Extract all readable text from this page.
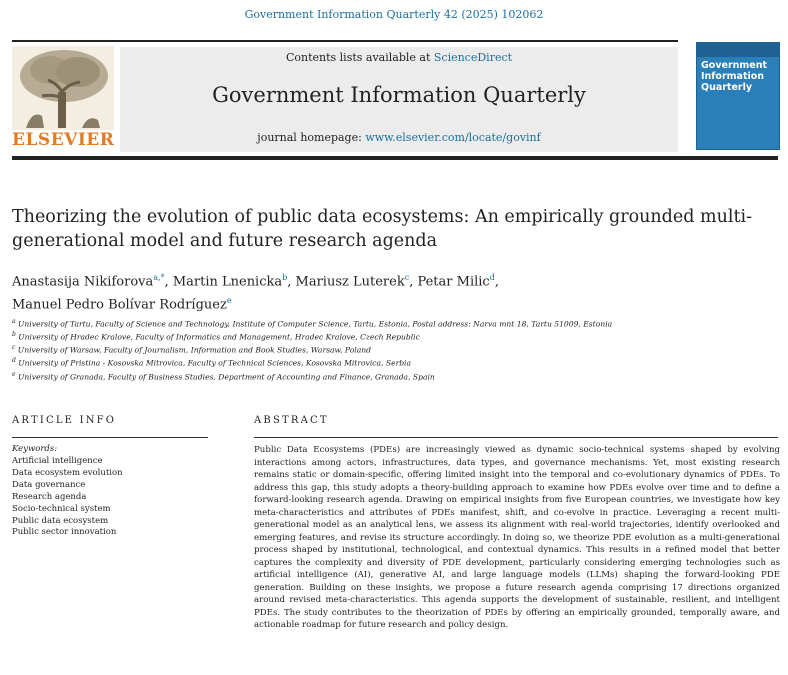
Government Information Quarterly 42 (2025) 102062
ELSEVIER
Contents lists available at ScienceDirect
Government Information Quarterly
journal homepage: www.elsevier.com/locate/govinf
Government Information Quarterly
Theorizing the evolution of public data ecosystems: An empirically grounded multi-generational model and future research agenda
Anastasija Nikiforova$^{a,*}$, Martin Lnenicka$^b$, Mariusz Luterek$^c$, Petar Milic$^d$,
Manuel Pedro Bolívar Rodríguez$^e$
$^a$ University of Tartu, Faculty of Science and Technology, Institute of Computer Science, Tartu, Estonia, Postal address: Narva mnt 18, Tartu 51009, Estonia
$^b$ University of Hradec Kralove, Faculty of Informatics and Management, Hradec Kralove, Czech Republic
$^c$ University of Warsaw, Faculty of Journalism, Information and Book Studies, Warsaw, Poland
$^d$ University of Pristina - Kosovska Mitrovica, Faculty of Technical Sciences, Kosovska Mitrovica, Serbia
$^e$ University of Granada, Faculty of Business Studies, Department of Accounting and Finance, Granada, Spain
ARTICLE INFO
Keywords:
Artificial intelligence
Data ecosystem evolution
Data governance
Research agenda
Socio-technical system
Public data ecosystem
Public sector innovation
ABSTRACT
Public Data Ecosystems (PDEs) are increasingly viewed as dynamic socio-technical systems shaped by evolving interactions among actors, infrastructures, data types, and governance mechanisms. Yet, most existing research remains static or domain-specific, offering limited insight into the temporal and co-evolutionary dynamics of PDEs. To address this gap, this study adopts a theory-building approach to examine how PDEs evolve over time and to define a forward-looking research agenda. Drawing on empirical insights from five European countries, we investigate how key meta-characteristics and attributes of PDEs manifest, shift, and co-evolve in practice. Leveraging a recent multi-generational model as an analytical lens, we assess its alignment with real-world trajectories, identify overlooked and emerging features, and revise its structure accordingly. In doing so, we theorize PDE evolution as a multi-generational process shaped by institutional, technological, and contextual dynamics. This results in a refined model that better captures the complexity and diversity of PDE development, particularly considering emerging technologies such as artificial intelligence (AI), generative AI, and large language models (LLMs) shaping the forward-looking PDE generation. Building on these insights, we propose a future research agenda comprising 17 directions organized around revised meta-characteristics. This agenda supports the development of sustainable, resilient, and intelligent PDEs. The study contributes to the theorization of PDEs by offering an empirically grounded, temporally aware, and actionable roadmap for future research and policy design.
